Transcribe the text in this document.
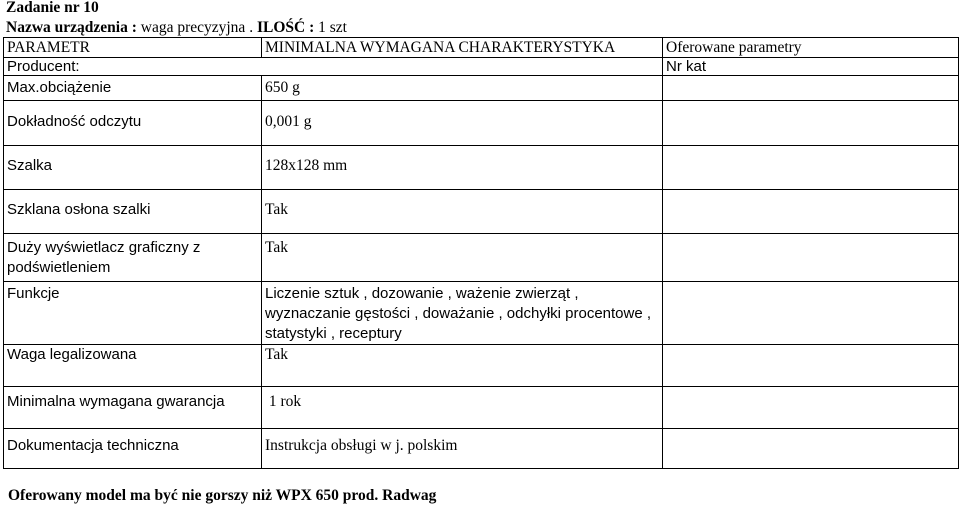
Zadanie nr 10
Nazwa urządzenia : waga precyzyjna . ILOŚĆ : 1 szt
PARAMETR	MINIMALNA WYMAGANA CHARAKTERYSTYKA	Oferowane parametry
Producent:		Nr kat
Max.obciążenie	650 g	
Dokładność odczytu	0,001 g	
Szalka	128x128 mm	
Szklana osłona szalki	Tak	
Duży wyświetlacz graficzny z podświetleniem	Tak	
Funkcje	Liczenie sztuk , dozowanie , ważenie zwierząt , wyznaczanie gęstości , doważanie , odchyłki procentowe , statystyki , receptury	
Waga legalizowana	Tak	
Minimalna wymagana gwarancja	1 rok	
Dokumentacja techniczna	Instrukcja obsługi w j. polskim	
Oferowany model ma być nie gorszy niż WPX 650 prod. Radwag
